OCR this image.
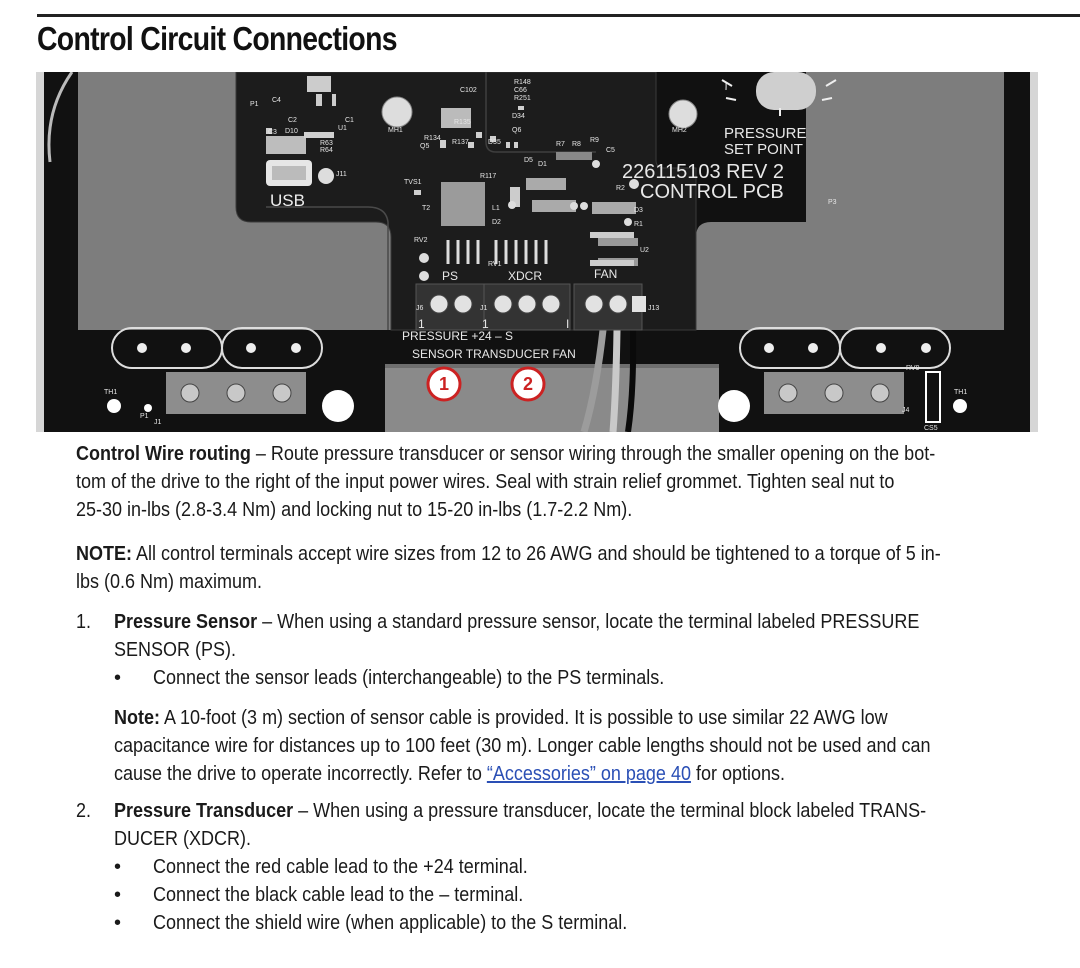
Control Circuit Connections
P1
C4
C2	C1
U1
C3 D10
R63
R64
MH1
C102
R148
C66
R251
R135
D34
Q6
R137	D35
Q5
R134
R7 R8
R9
C5
D5
D1
R117
J11
TVS1
T2	L1
D2
R2
D3
R1
U2
RV2
RV1
MH2
P3
J6	J1	J13
TH1
P1
J1
RV9
J4
TH1
CS5
USB
PS	XDCR	FAN
PRESSURE
SET POINT
226115103 REV 2
CONTROL PCB
1	1	I
PRESSURE +24 – S
SENSOR TRANSDUCER FAN
1	2
Control Wire routing – Route pressure transducer or sensor wiring through the smaller opening on the bot-
tom of the drive to the right of the input power wires. Seal with strain relief grommet. Tighten seal nut to
25-30 in-lbs (2.8-3.4 Nm) and locking nut to 15-20 in-lbs (1.7-2.2 Nm).
NOTE: All control terminals accept wire sizes from 12 to 26 AWG and should be tightened to a torque of 5 in-
lbs (0.6 Nm) maximum.
1.	Pressure Sensor – When using a standard pressure sensor, locate the terminal labeled PRESSURE
SENSOR (PS).
• Connect the sensor leads (interchangeable) to the PS terminals.
Note: A 10-foot (3 m) section of sensor cable is provided. It is possible to use similar 22 AWG low
capacitance wire for distances up to 100 feet (30 m). Longer cable lengths should not be used and can
cause the drive to operate incorrectly. Refer to “Accessories” on page 40 for options.
2.	Pressure Transducer – When using a pressure transducer, locate the terminal block labeled TRANS-
DUCER (XDCR).
• Connect the red cable lead to the +24 terminal.
• Connect the black cable lead to the – terminal.
• Connect the shield wire (when applicable) to the S terminal.
